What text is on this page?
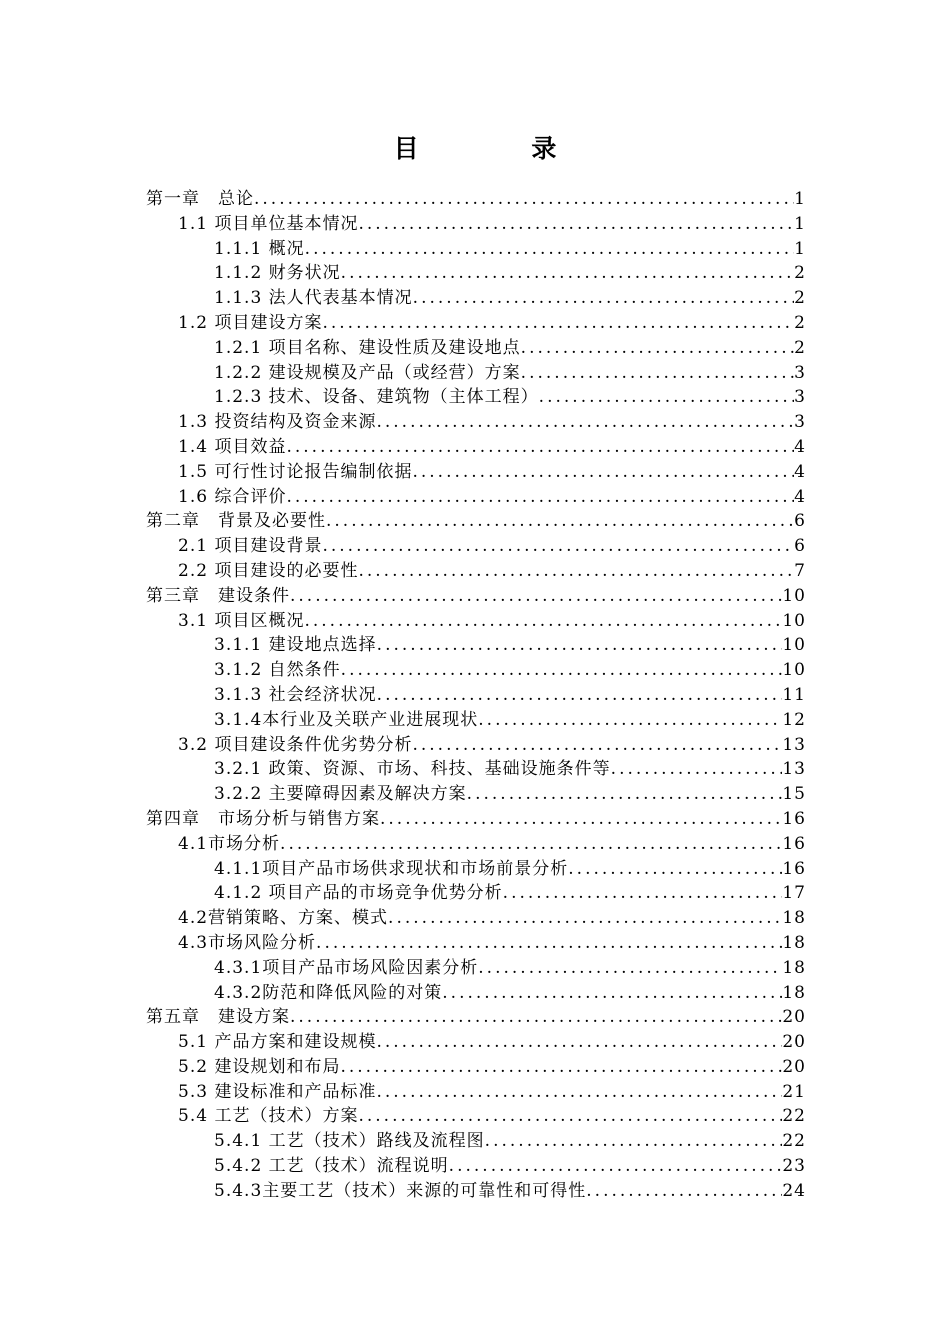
目 录
第一章　总论 .....	1
1.1 项目单位基本情况 .....	1
1.1.1 概况 .....	1
1.1.2 财务状况 .....	2
1.1.3 法人代表基本情况 .....	2
1.2 项目建设方案 .....	2
1.2.1 项目名称、建设性质及建设地点 .....	2
1.2.2 建设规模及产品（或经营）方案 .....	3
1.2.3 技术、设备、建筑物（主体工程） .....	3
1.3 投资结构及资金来源 .....	3
1.4 项目效益 .....	4
1.5 可行性讨论报告编制依据 .....	4
1.6 综合评价 .....	4
第二章　背景及必要性 .....	6
2.1 项目建设背景 .....	6
2.2 项目建设的必要性 .....	7
第三章　建设条件 .....	10
3.1 项目区概况 .....	10
3.1.1 建设地点选择 .....	10
3.1.2 自然条件 .....	10
3.1.3 社会经济状况 .....	11
3.1.4本行业及关联产业进展现状 .....	12
3.2 项目建设条件优劣势分析 .....	13
3.2.1 政策、资源、市场、科技、基础设施条件等 .....	13
3.2.2 主要障碍因素及解决方案 .....	15
第四章　市场分析与销售方案 .....	16
4.1市场分析 .....	16
4.1.1项目产品市场供求现状和市场前景分析 .....	16
4.1.2 项目产品的市场竞争优势分析 .....	17
4.2营销策略、方案、模式 .....	18
4.3市场风险分析 .....	18
4.3.1项目产品市场风险因素分析 .....	18
4.3.2防范和降低风险的对策 .....	18
第五章　建设方案 .....	20
5.1 产品方案和建设规模 .....	20
5.2 建设规划和布局 .....	20
5.3 建设标准和产品标准 .....	21
5.4 工艺（技术）方案 .....	22
5.4.1 工艺（技术）路线及流程图 .....	22
5.4.2 工艺（技术）流程说明 .....	23
5.4.3主要工艺（技术）来源的可靠性和可得性 .....	24
